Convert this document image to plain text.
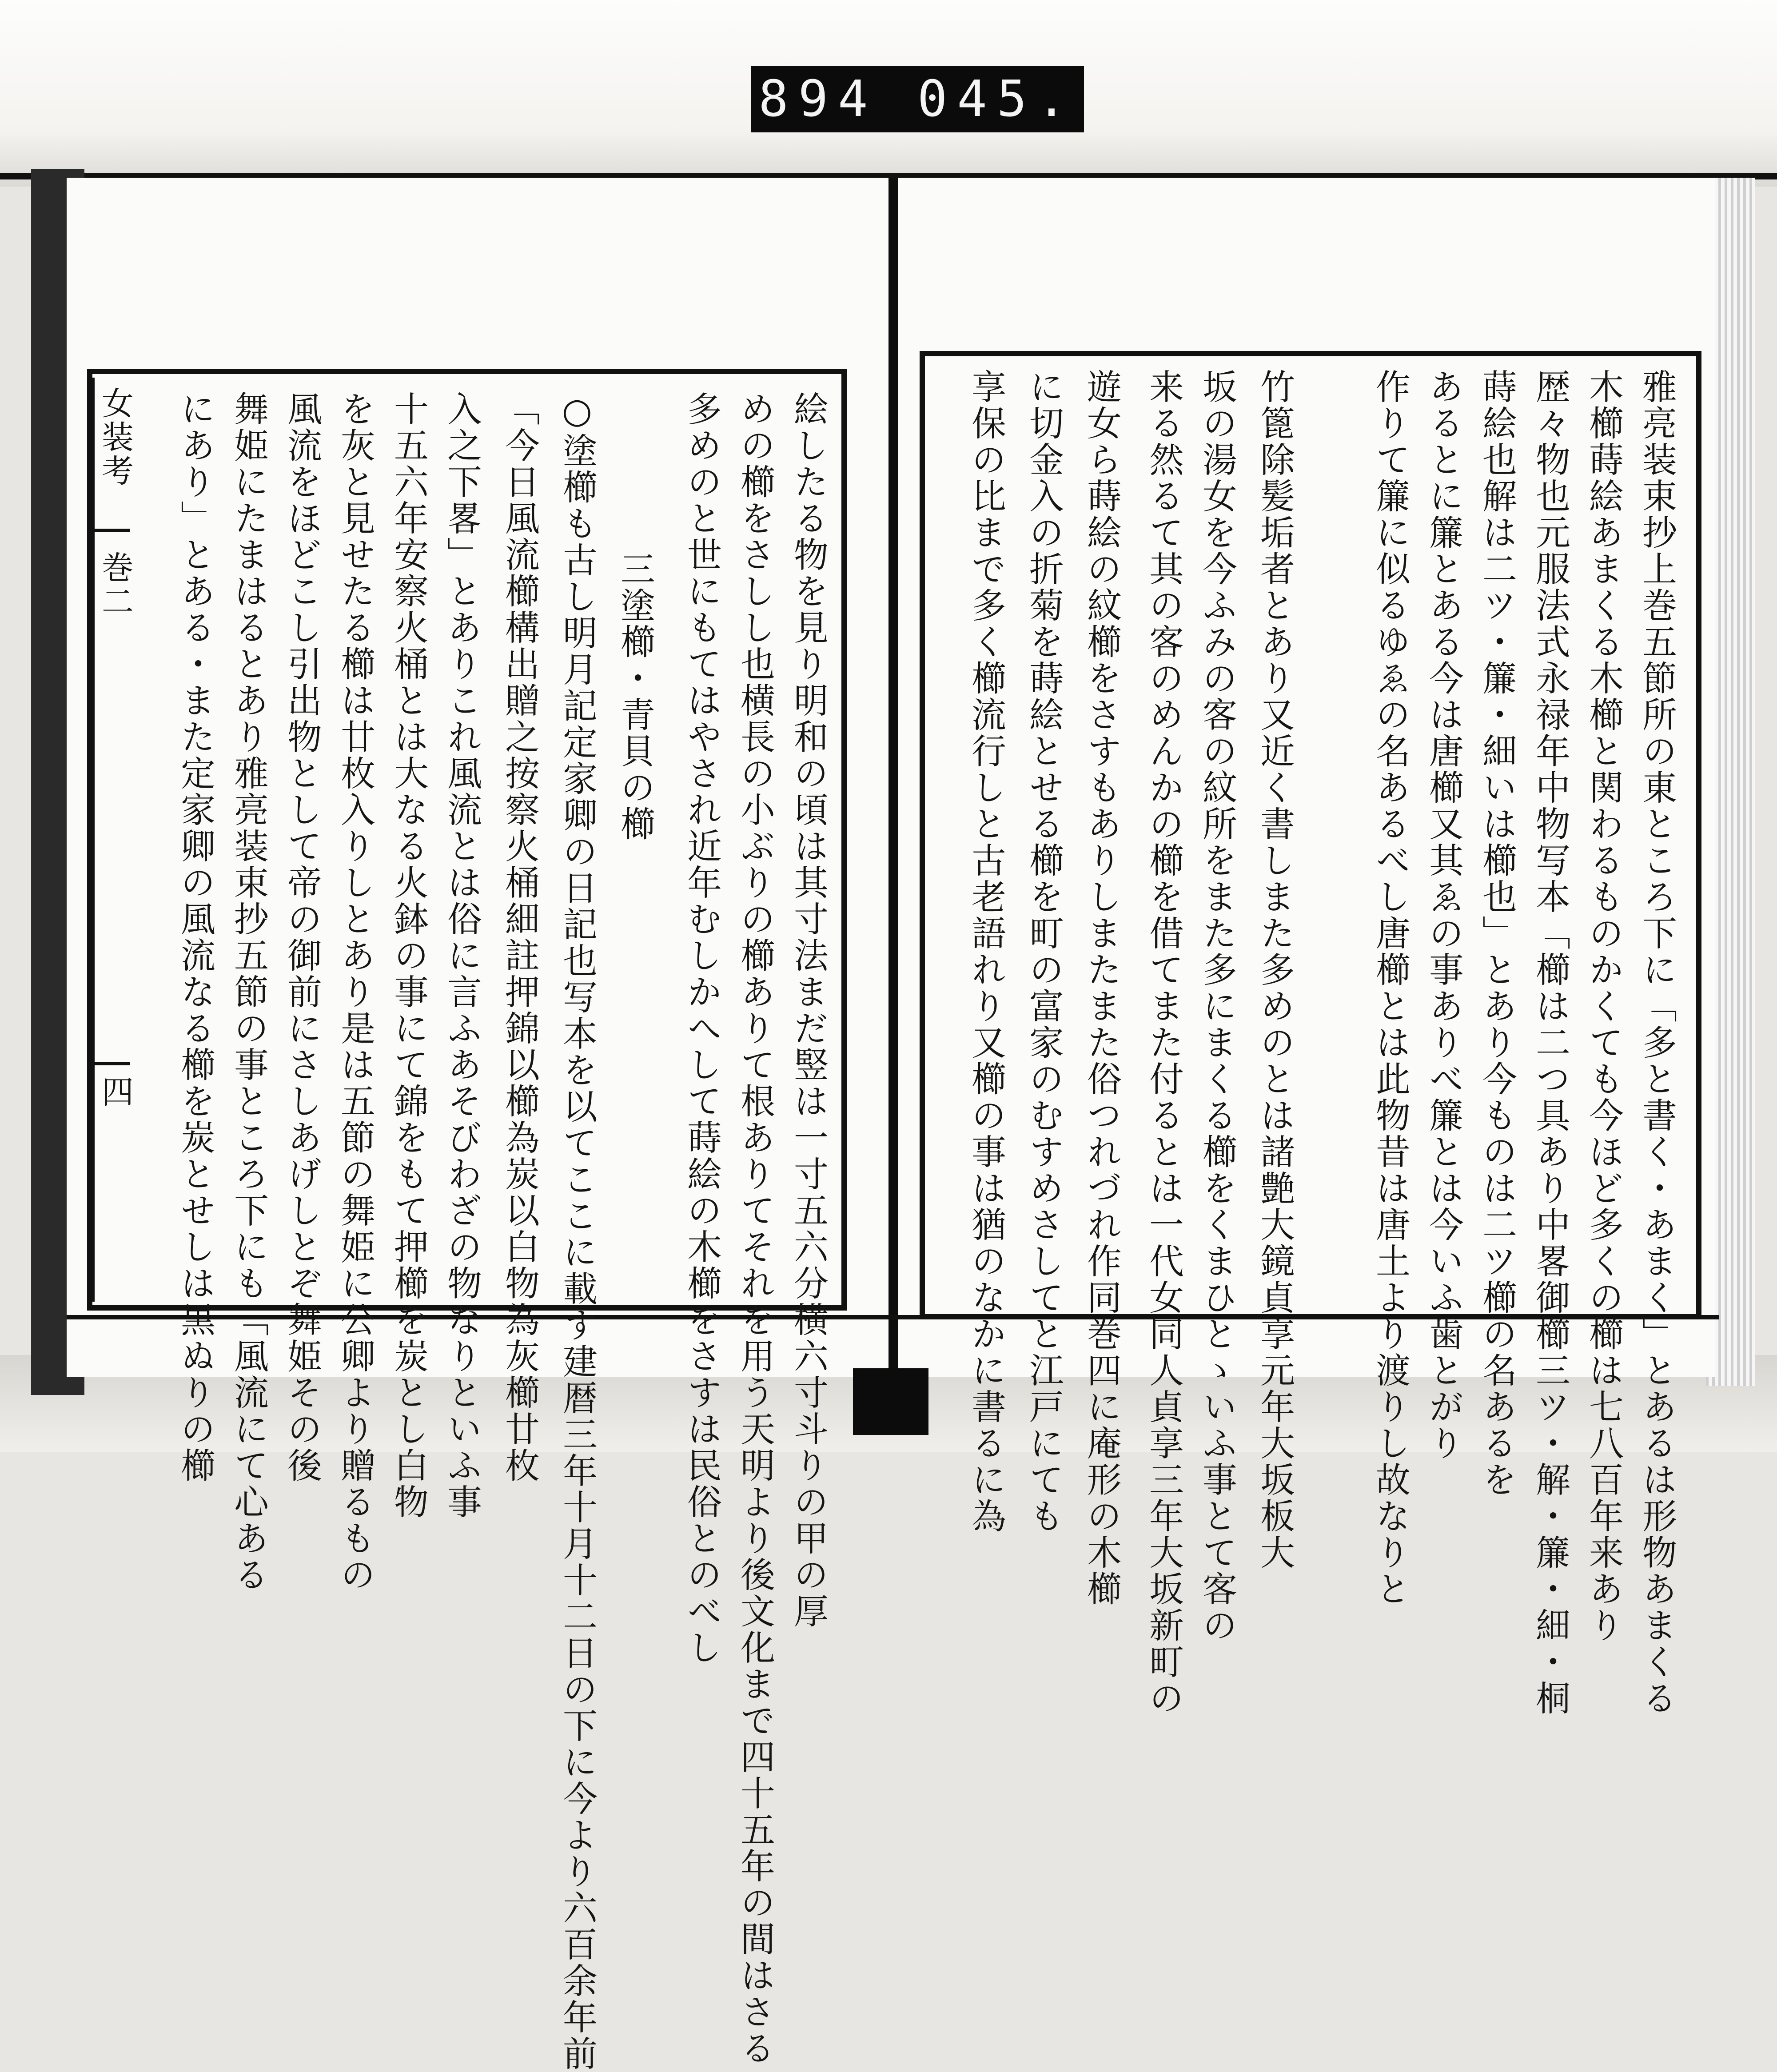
894 045.
女装考
巻二
四	絵したる物を見り明和の頃は其寸法まだ竪は一寸五六分横六寸斗りの甲の厚
めの櫛をさしし也横長の小ぶりの櫛ありて根ありてそれを用う天明より後文化まで四十五年の間はさる
多めのと世にもてはやされ近年むしかへして蒔絵の木櫛をさすは民俗とのべし
三塗櫛・青貝の櫛
○塗櫛も古し明月記定家卿の日記也写本を以てここに載す建暦三年十月十二日の下に今より六百余年前
「今日風流櫛構出贈之按察火桶細註押錦以櫛為炭以白物為灰櫛廿枚
入之下畧」とありこれ風流とは俗に言ふあそびわざの物なりといふ事
十五六年安察火桶とは大なる火鉢の事にて錦をもて押櫛を炭とし白物
を灰と見せたる櫛は廿枚入りしとあり是は五節の舞姫に公卿より贈るもの
風流をほどこし引出物として帝の御前にさしあげしとぞ舞姫その後
舞姫にたまはるとあり雅亮装束抄五節の事ところ下にも「風流にて心ある
にあり」とある・また定家卿の風流なる櫛を炭とせしは黒ぬりの櫛	雅亮装束抄上巻五節所の東ところ下に「多と書く・あまく」とあるは形物あまくる
木櫛蒔絵あまくる木櫛と関わるものかくても今ほど多くの櫛は七八百年来あり
歴々物也元服法式永禄年中物写本「櫛は二つ具あり中畧御櫛三ツ・解・簾・細・桐
蒔絵也解は二ツ・簾・細いは櫛也」とあり今ものは二ツ櫛の名あるを
あるとに簾とある今は唐櫛又其ゑの事ありべ簾とは今いふ歯とがり
作りて簾に似るゆゑの名あるべし唐櫛とは此物昔は唐土より渡りし故なりと
竹篦除髪垢者とあり又近く書しまた多めのとは諸艶大鏡貞享元年大坂板大
坂の湯女を今ふみの客の紋所をまた多にまくる櫛をくまひとゝいふ事とて客の
来る然るて其の客のめんかの櫛を借てまた付るとは一代女同人貞享三年大坂新町の
遊女ら蒔絵の紋櫛をさすもありしまたまた俗つれづれ作同巻四に庵形の木櫛
に切金入の折菊を蒔絵とせる櫛を町の富家のむすめさしてと江戸にても
享保の比まで多く櫛流行しと古老語れり又櫛の事は猶のなかに書るに為
